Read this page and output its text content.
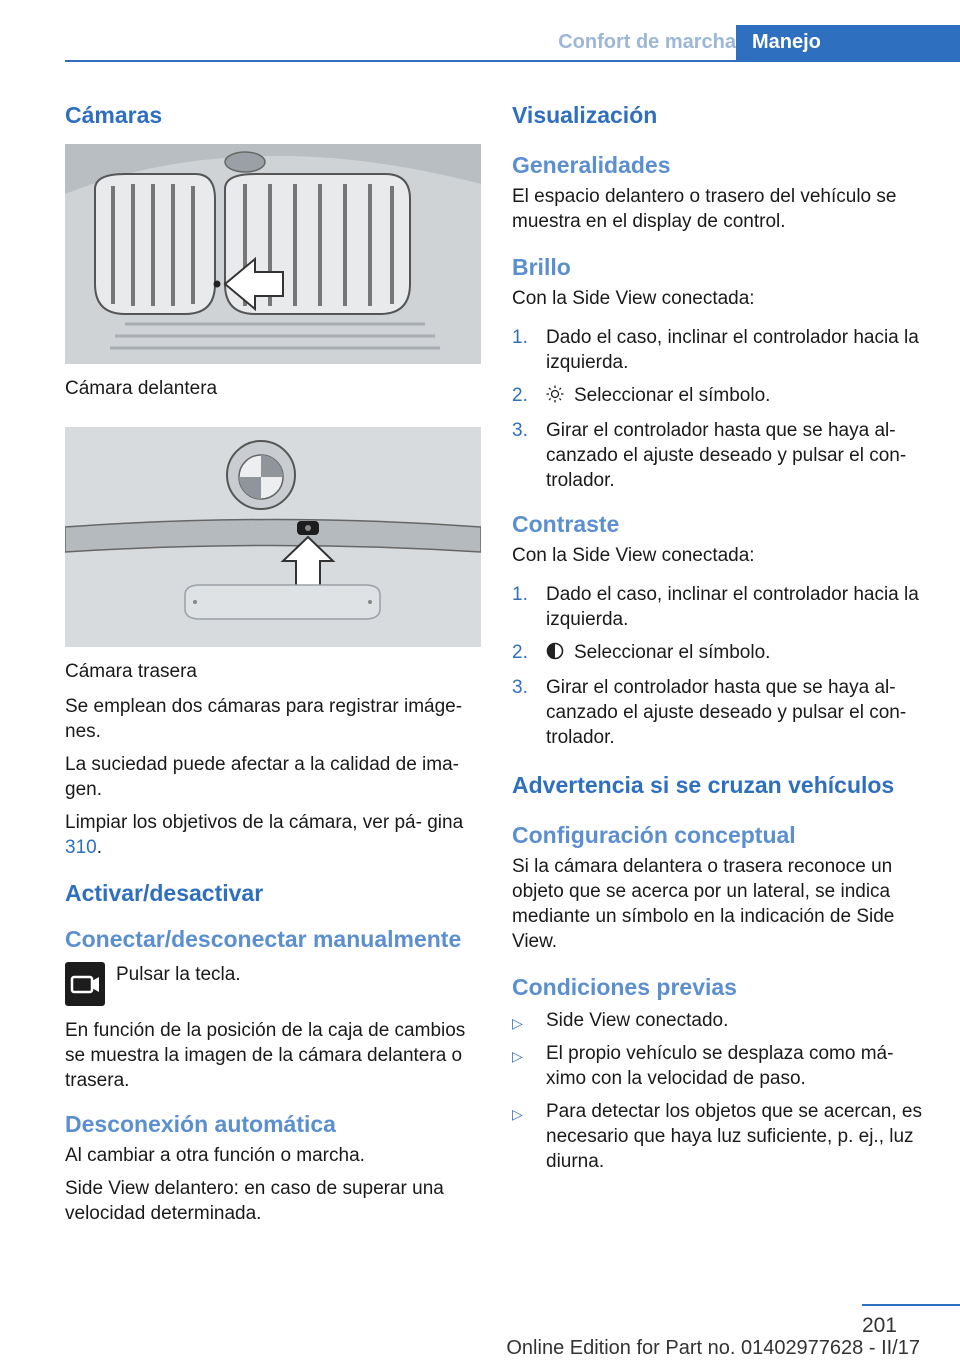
Confort de marcha Manejo
Cámaras
Cámara delantera
Cámara trasera

Se emplean dos cámaras para registrar imáge‐ nes.

La suciedad puede afectar a la calidad de ima‐ gen.

Limpiar los objetivos de la cámara, ver pá‐ gina 310.

Activar/desactivar
Conectar/desconectar manualmente

Pulsar la tecla.

En función de la posición de la caja de cambios se muestra la imagen de la cámara delantera o trasera.

Desconexión automática

Al cambiar a otra función o marcha.

Side View delantero: en caso de superar una velocidad determinada.

Visualización
Generalidades

El espacio delantero o trasero del vehículo se muestra en el display de control.

Brillo

Con la Side View conectada:

1. Dado el caso, inclinar el controlador hacia la izquierda.
2. Seleccionar el símbolo.
3. Girar el controlador hasta que se haya al‐ canzado el ajuste deseado y pulsar el con‐ trolador.
Contraste

Con la Side View conectada:

1. Dado el caso, inclinar el controlador hacia la izquierda.
2. Seleccionar el símbolo.
3. Girar el controlador hasta que se haya al‐ canzado el ajuste deseado y pulsar el con‐ trolador.
Advertencia si se cruzan vehículos
Configuración conceptual

Si la cámara delantera o trasera reconoce un objeto que se acerca por un lateral, se indica mediante un símbolo en la indicación de Side View.

Condiciones previas
▷ Side View conectado.
▷ El propio vehículo se desplaza como má‐ ximo con la velocidad de paso.
▷ Para detectar los objetos que se acercan, es necesario que haya luz suficiente, p. ej., luz diurna.
201
Online Edition for Part no. 01402977628 - II/17
